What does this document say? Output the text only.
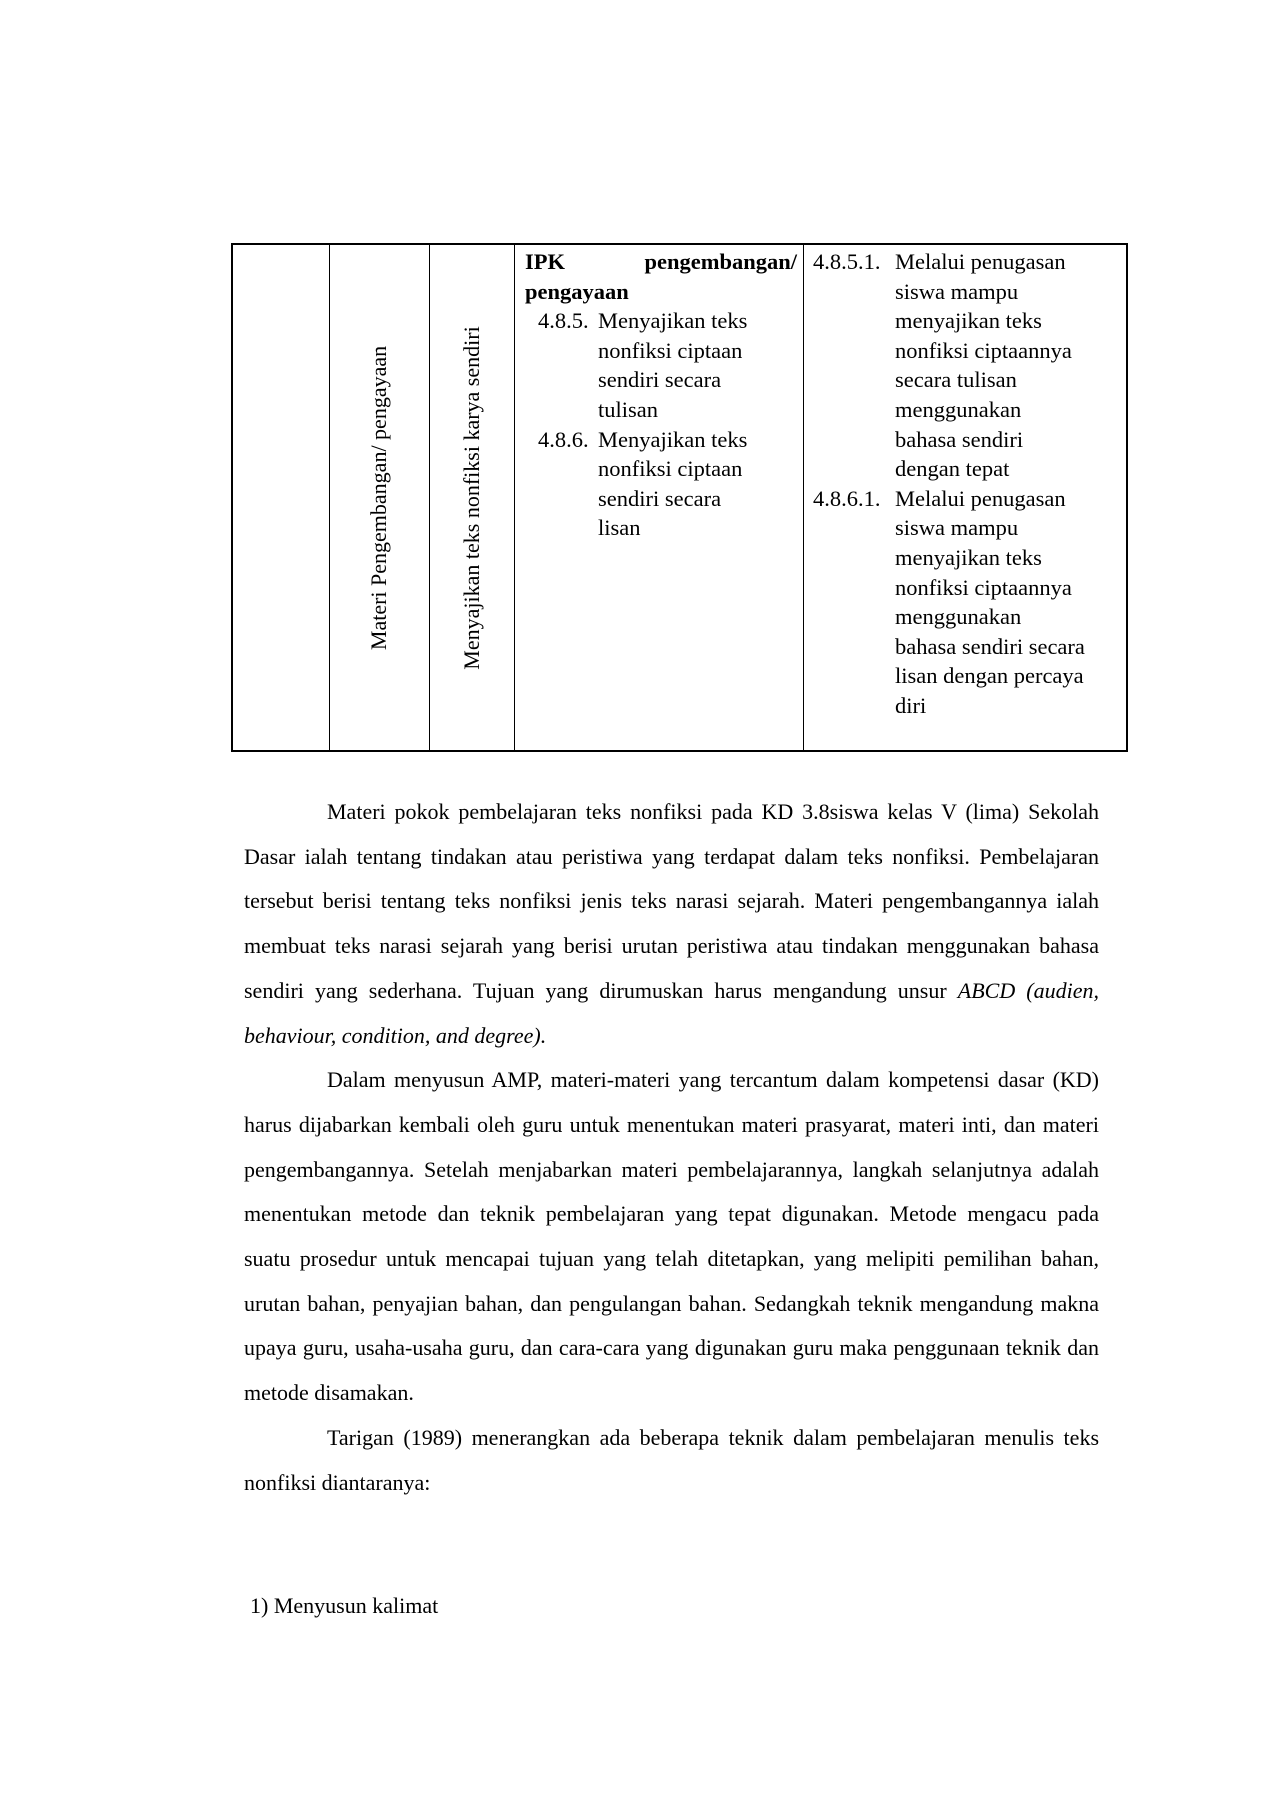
Materi Pengembangan/ pengayaan	Menyajikan teks nonfiksi karya sendiri
IPK	pengembangan/
pengayaan
4.8.5. Menyajikan teks
nonfiksi ciptaan
sendiri secara
tulisan
4.8.6. Menyajikan teks
nonfiksi ciptaan
sendiri secara
lisan
4.8.5.1. Melalui penugasan
siswa mampu
menyajikan teks
nonfiksi ciptaannya
secara tulisan
menggunakan
bahasa sendiri
dengan tepat
4.8.6.1. Melalui penugasan
siswa mampu
menyajikan teks
nonfiksi ciptaannya
menggunakan
bahasa sendiri secara
lisan dengan percaya
diri

Materi pokok pembelajaran teks nonfiksi pada KD 3.8siswa kelas V (lima) Sekolah Dasar ialah tentang tindakan atau peristiwa yang terdapat dalam teks nonfiksi. Pembelajaran tersebut berisi tentang teks nonfiksi jenis teks narasi sejarah. Materi pengembangannya ialah membuat teks narasi sejarah yang berisi urutan peristiwa atau tindakan menggunakan bahasa sendiri yang sederhana. Tujuan yang dirumuskan harus mengandung unsur ABCD (audien, behaviour, condition, and degree).

Dalam menyusun AMP, materi-materi yang tercantum dalam kompetensi dasar (KD) harus dijabarkan kembali oleh guru untuk menentukan materi prasyarat, materi inti, dan materi pengembangannya. Setelah menjabarkan materi pembelajarannya, langkah selanjutnya adalah menentukan metode dan teknik pembelajaran yang tepat digunakan. Metode mengacu pada suatu prosedur untuk mencapai tujuan yang telah ditetapkan, yang melipiti pemilihan bahan, urutan bahan, penyajian bahan, dan pengulangan bahan. Sedangkah teknik mengandung makna upaya guru, usaha-usaha guru, dan cara-cara yang digunakan guru maka penggunaan teknik dan metode disamakan.

Tarigan (1989) menerangkan ada beberapa teknik dalam pembelajaran menulis teks nonfiksi diantaranya:

1) Menyusun kalimat
